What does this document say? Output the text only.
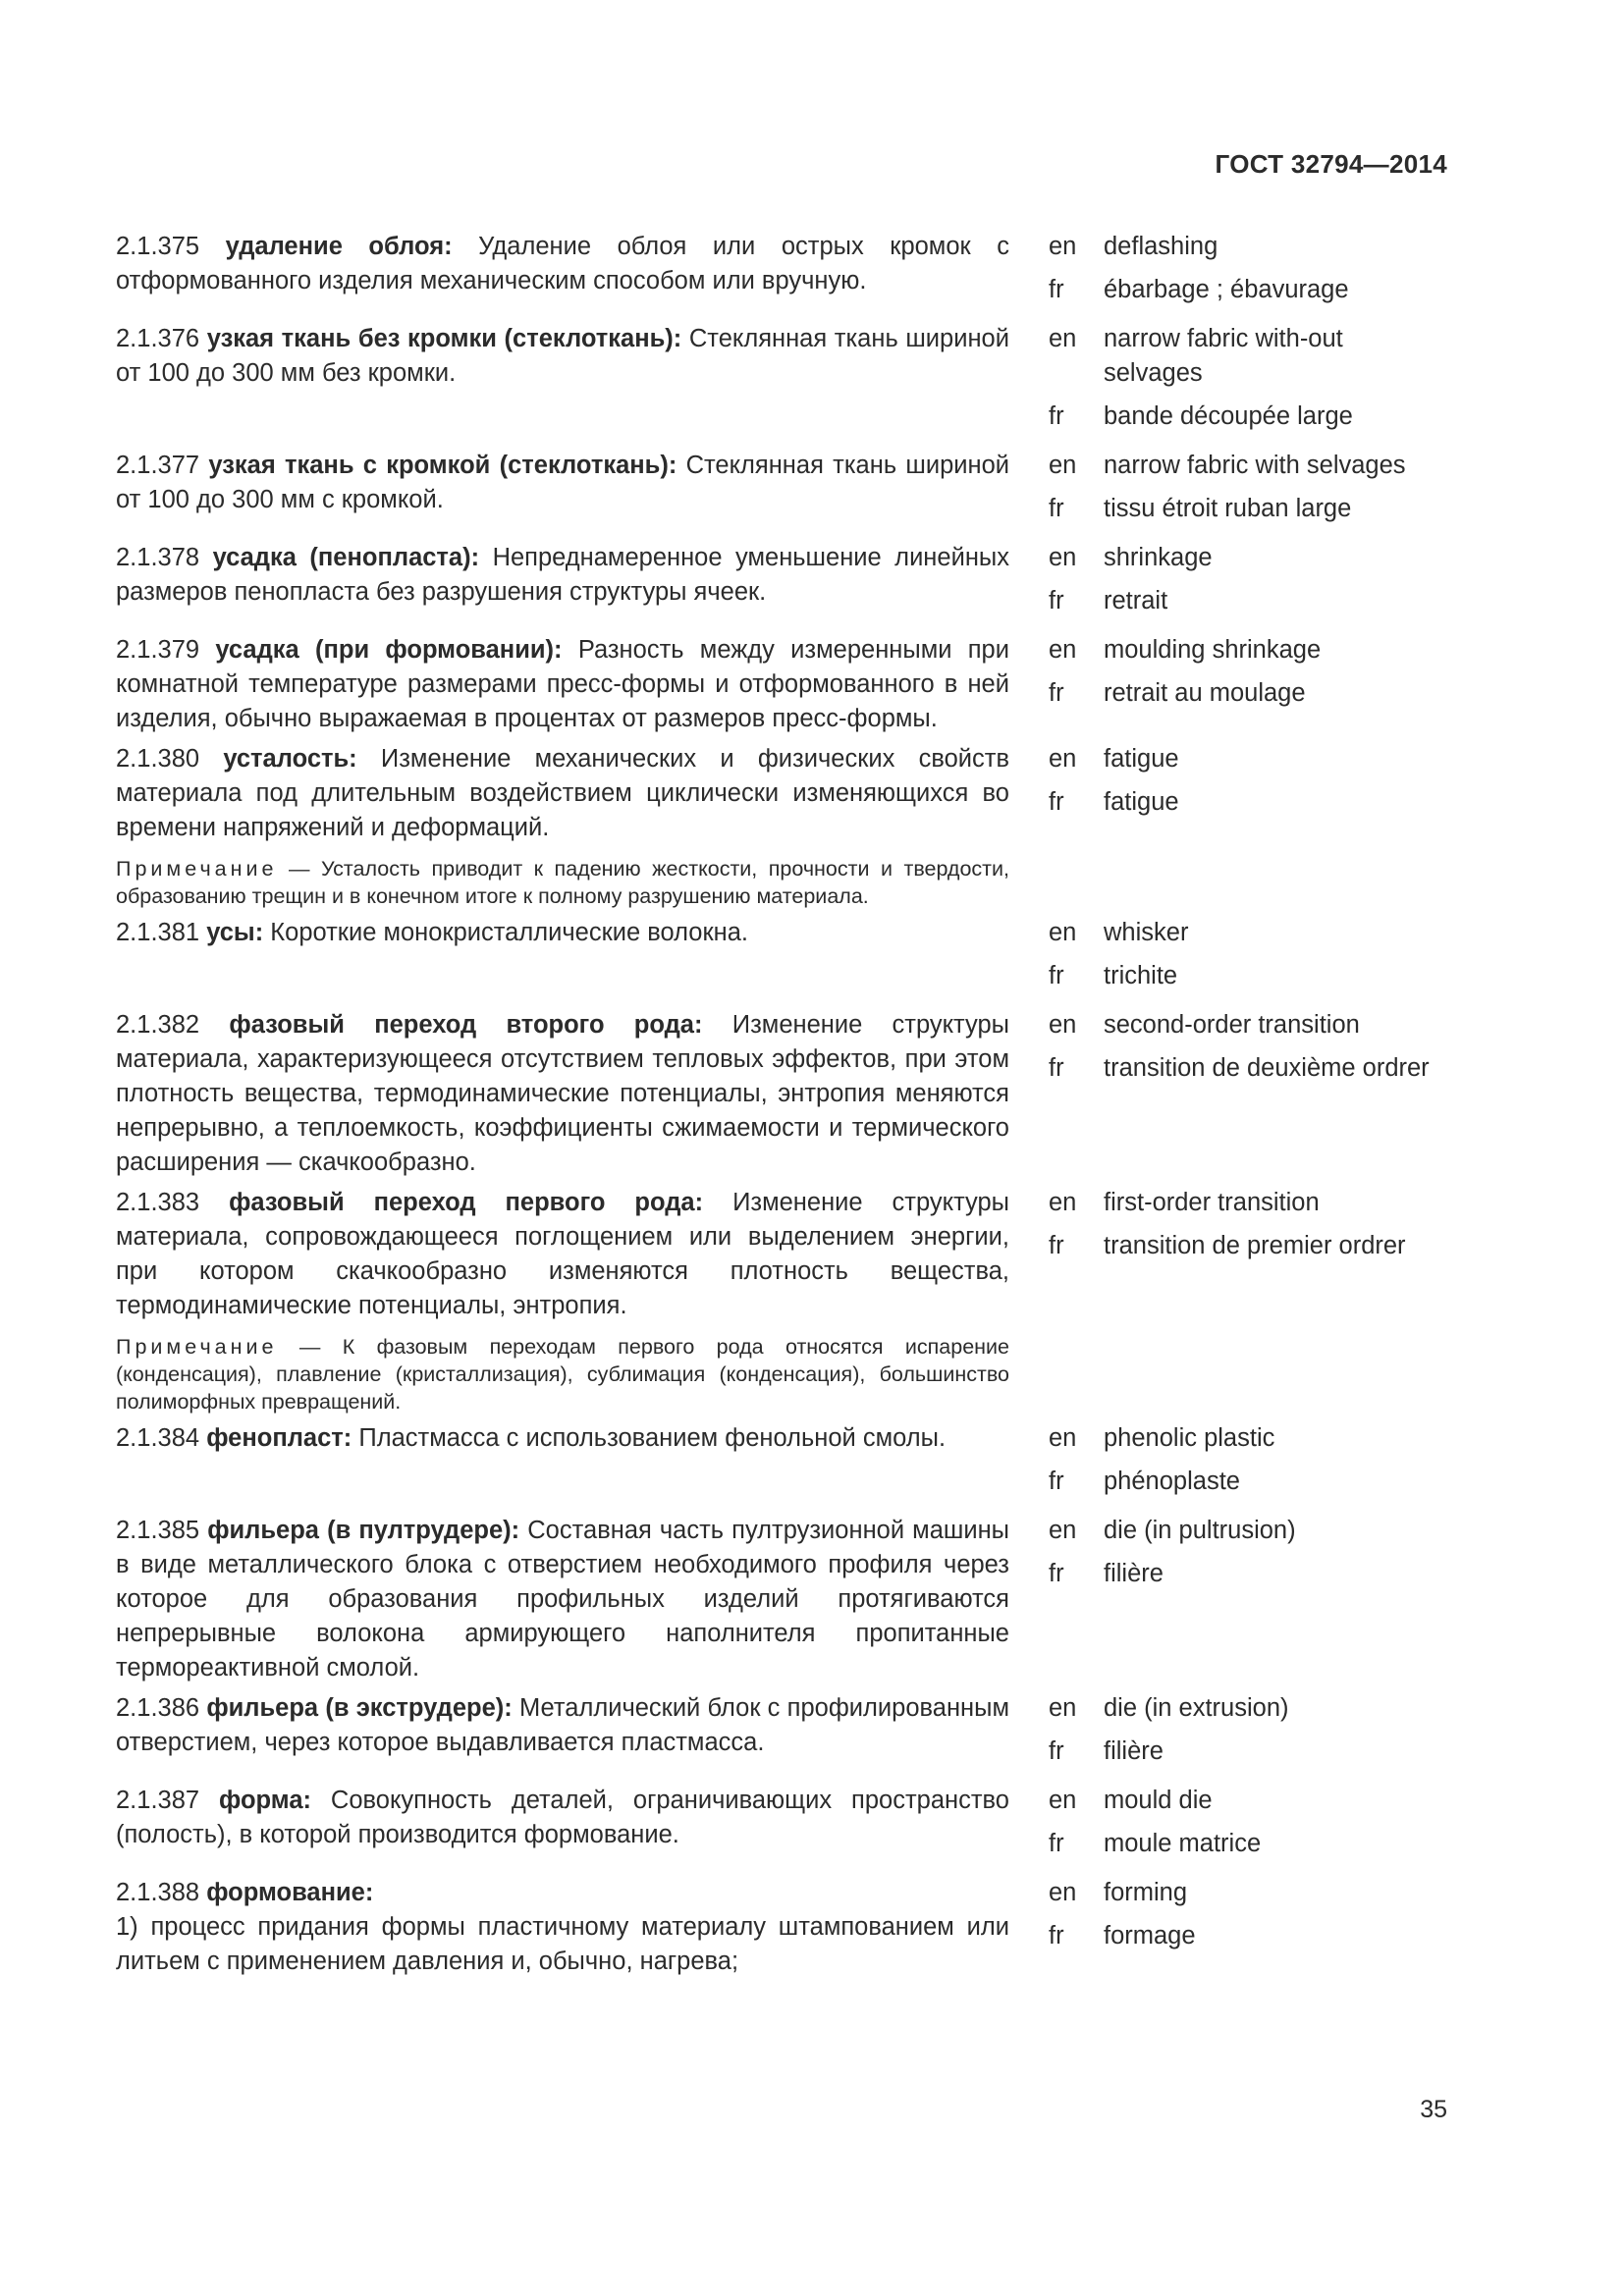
ГОСТ 32794—2014
2.1.375 удаление облоя: Удаление облоя или острых кромок с отформованного изделия механическим способом или вручную.
en	deflashing
fr	ébarbage ; ébavurage
2.1.376 узкая ткань без кромки (стеклоткань): Стеклянная ткань шириной от 100 до 300 мм без кромки.
en	narrow fabric with-out selvages
fr	bande découpée large
2.1.377 узкая ткань с кромкой (стеклоткань): Стеклянная ткань шириной от 100 до 300 мм с кромкой.
en	narrow fabric with selvages
fr	tissu étroit ruban large
2.1.378 усадка (пенопласта): Непреднамеренное уменьшение линейных размеров пенопласта без разрушения структуры ячеек.
en	shrinkage
fr	retrait
2.1.379 усадка (при формовании): Разность между измеренными при комнатной температуре размерами пресс-формы и отформованного в ней изделия, обычно выражаемая в процентах от размеров пресс-формы.
en	moulding shrinkage
fr	retrait au moulage
2.1.380 усталость: Изменение механических и физических свойств материала под длительным воздействием циклически изменяющихся во времени напряжений и деформаций.
Примечание — Усталость приводит к падению жесткости, прочности и твердости, образованию трещин и в конечном итоге к полному разрушению материала.
en	fatigue
fr	fatigue
2.1.381 усы: Короткие монокристаллические волокна.	en	whisker
fr	trichite
2.1.382 фазовый переход второго рода: Изменение структуры материала, характеризующееся отсутствием тепловых эффектов, при этом плотность вещества, термодинамические потенциалы, энтропия меняются непрерывно, а теплоемкость, коэффициенты сжимаемости и термического расширения — скачкообразно.
en	second-order transition
fr	transition de deuxième ordrer
2.1.383 фазовый переход первого рода: Изменение структуры материала, сопровождающееся поглощением или выделением энергии, при котором скачкообразно изменяются плотность вещества, термодинамические потенциалы, энтропия.
Примечание — К фазовым переходам первого рода относятся испарение (конденсация), плавление (кристаллизация), сублимация (конденсация), большинство полиморфных превращений.
en	first-order transition
fr	transition de premier ordrer
2.1.384 фенопласт: Пластмасса с использованием фенольной смолы.	en	phenolic plastic
fr	phénoplaste
2.1.385 фильера (в пултрудере): Составная часть пултрузионной машины в виде металлического блока с отверстием необходимого профиля через которое для образования профильных изделий протягиваются непрерывные волокона армирующего наполнителя пропитанные термореактивной смолой.
en	die (in pultrusion)
fr	filière
2.1.386 фильера (в экструдере): Металлический блок с профилированным отверстием, через которое выдавливается пластмасса.
en	die (in extrusion)
fr	filière
2.1.387 форма: Совокупность деталей, ограничивающих пространство (полость), в которой производится формование.
en	mould die
fr	moule matrice
2.1.388 формование:
1) процесс придания формы пластичному материалу штампованием или литьем с применением давления и, обычно, нагрева;
en	forming
fr	formage
35
